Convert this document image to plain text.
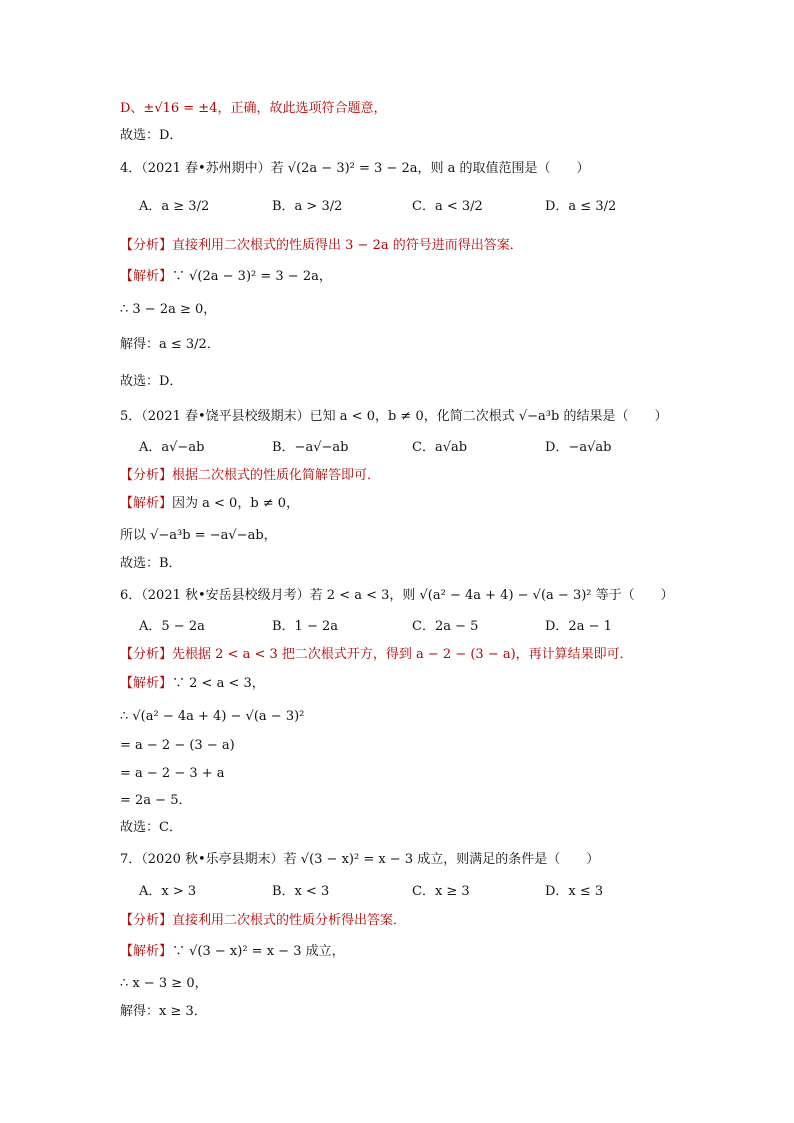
D、±√16 = ±4，正确，故此选项符合题意，
故选：D．
4．（2021 春•苏州期中）若 √(2a − 3)² = 3 − 2a，则 a 的取值范围是（　　）
A．a ≥ 3/2	B．a > 3/2	C．a < 3/2	D．a ≤ 3/2
【分析】直接利用二次根式的性质得出 3 − 2a 的符号进而得出答案．
【解析】∵ √(2a − 3)² = 3 − 2a，
∴ 3 − 2a ≥ 0，
解得：a ≤ 3/2．
故选：D．
5．（2021 春•饶平县校级期末）已知 a < 0，b ≠ 0，化简二次根式 √−a³b 的结果是（　　）
A．a√−ab	B．−a√−ab	C．a√ab	D．−a√ab
【分析】根据二次根式的性质化简解答即可．
【解析】因为 a < 0，b ≠ 0，
所以 √−a³b = −a√−ab，
故选：B．
6．（2021 秋•安岳县校级月考）若 2 < a < 3，则 √(a² − 4a + 4) − √(a − 3)² 等于（　　）
A．5 − 2a	B．1 − 2a	C．2a − 5	D．2a − 1
【分析】先根据 2 < a < 3 把二次根式开方，得到 a − 2 − (3 − a)，再计算结果即可．
【解析】∵ 2 < a < 3，
∴ √(a² − 4a + 4) − √(a − 3)²
= a − 2 − (3 − a)
= a − 2 − 3 + a
= 2a − 5．
故选：C．
7．（2020 秋•乐亭县期末）若 √(3 − x)² = x − 3 成立，则满足的条件是（　　）
A．x > 3	B．x < 3	C．x ≥ 3	D．x ≤ 3
【分析】直接利用二次根式的性质分析得出答案．
【解析】∵ √(3 − x)² = x − 3 成立，
∴ x − 3 ≥ 0，
解得：x ≥ 3．
